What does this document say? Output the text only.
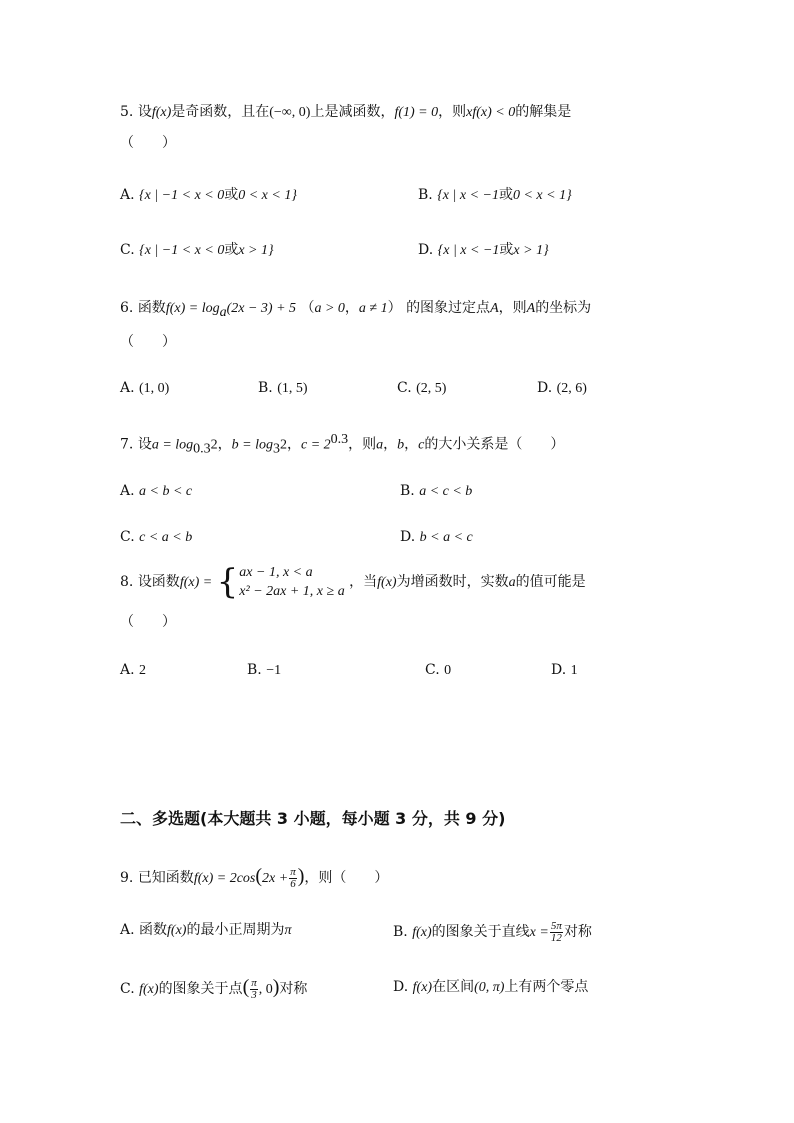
5. 设f(x)是奇函数，且在(−∞, 0)上是减函数，f(1) = 0，则xf(x) < 0的解集是
（　　）
A. {x | −1 < x < 0或0 < x < 1}	B. {x | x < −1或0 < x < 1}
C. {x | −1 < x < 0或x > 1}	D. {x | x < −1或x > 1}
6. 函数$f(x) = \log_a(2x - 3) + 5$ （a > 0，a ≠ 1） 的图象过定点A，则A的坐标为
（　　）
A. (1, 0)	B. (1, 5)	C. (2, 5)	D. (2, 6)
7. 设$a = \log_{0.3}2$，$b = \log_32$，$c = 2^{0.3}$，则a，b，c的大小关系是（　　）
A. a < b < c	B. a < c < b
C. c < a < b	D. b < a < c
8. 设函数f(x) = { ax − 1, x < a
x² − 2ax + 1, x ≥ a
，当f(x)为增函数时，实数a的值可能是
（　　）
A. 2	B. −1	C. 0	D. 1
二、多选题(本大题共 3 小题，每小题 3 分，共 9 分)
9. 已知函数$f(x) = 2\cos(2x + \frac{\pi}{6}$ )，则（　　）
A. 函数f(x)的最小正周期为π	B. f(x)的图象关于直线$x = \frac{5\pi}{12}$ 对称
C. f(x)的图象关于点( $\frac{\pi}{3}$ , 0)对称	D. f(x)在区间(0, π)上有两个零点
